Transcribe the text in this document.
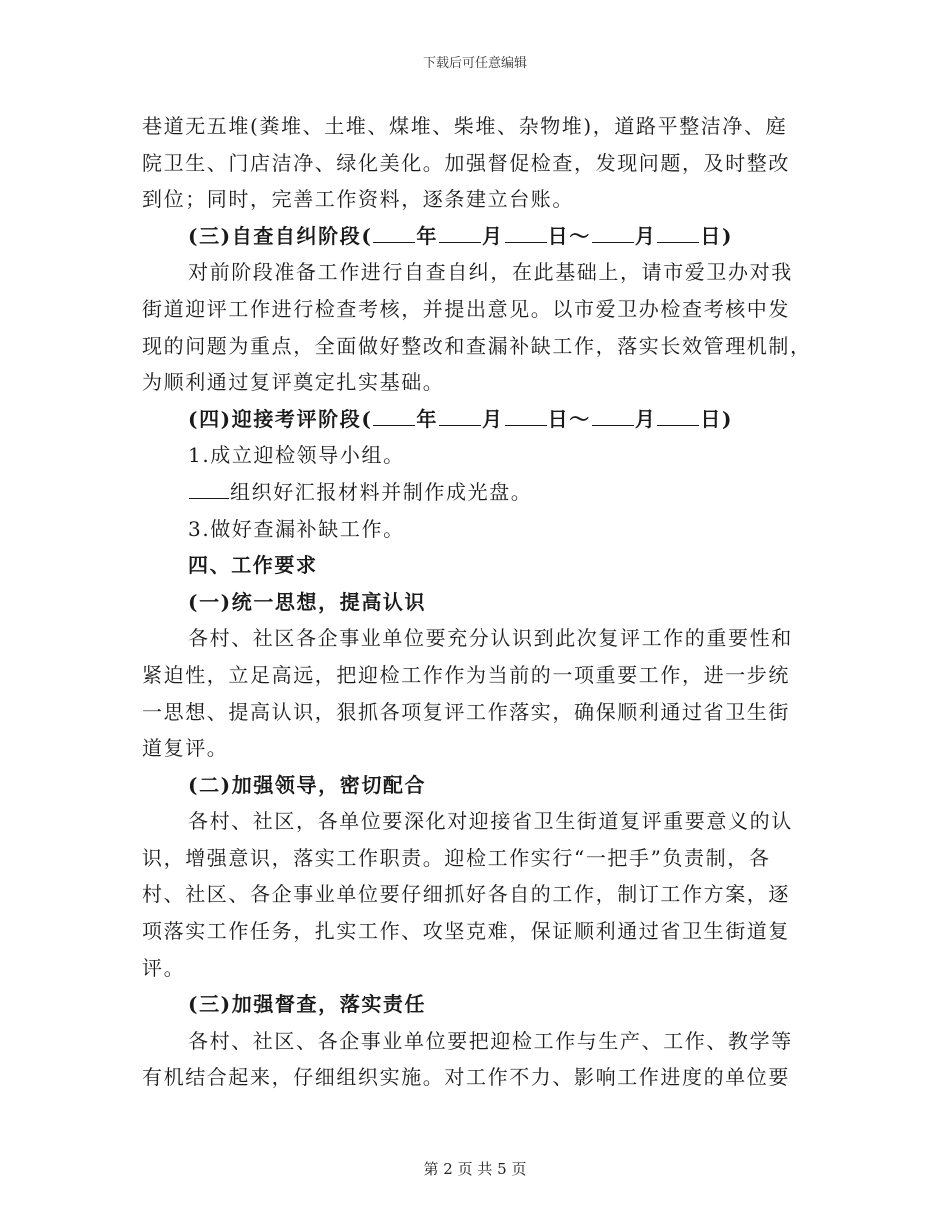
下载后可任意编辑
巷道无五堆(粪堆、土堆、煤堆、柴堆、杂物堆)，道路平整洁净、庭
院卫生、门店洁净、绿化美化。加强督促检查，发现问题，及时整改
到位；同时，完善工作资料，逐条建立台账。
(三)自查自纠阶段( 年 月 日～ 月 日)
对前阶段准备工作进行自查自纠，在此基础上，请市爱卫办对我
街道迎评工作进行检查考核，并提出意见。以市爱卫办检查考核中发
现的问题为重点，全面做好整改和查漏补缺工作，落实长效管理机制，
为顺利通过复评奠定扎实基础。
(四)迎接考评阶段( 年 月 日～ 月 日)
1.成立迎检领导小组。
组织好汇报材料并制作成光盘。
3.做好查漏补缺工作。
四、工作要求
(一)统一思想，提高认识
各村、社区各企事业单位要充分认识到此次复评工作的重要性和
紧迫性，立足高远，把迎检工作作为当前的一项重要工作，进一步统
一思想、提高认识，狠抓各项复评工作落实，确保顺利通过省卫生街
道复评。
(二)加强领导，密切配合
各村、社区，各单位要深化对迎接省卫生街道复评重要意义的认
识，增强意识，落实工作职责。迎检工作实行“一把手”负责制，各
村、社区、各企事业单位要仔细抓好各自的工作，制订工作方案，逐
项落实工作任务，扎实工作、攻坚克难，保证顺利通过省卫生街道复
评。
(三)加强督查，落实责任
各村、社区、各企事业单位要把迎检工作与生产、工作、教学等
有机结合起来，仔细组织实施。对工作不力、影响工作进度的单位要
第 2 页 共 5 页
